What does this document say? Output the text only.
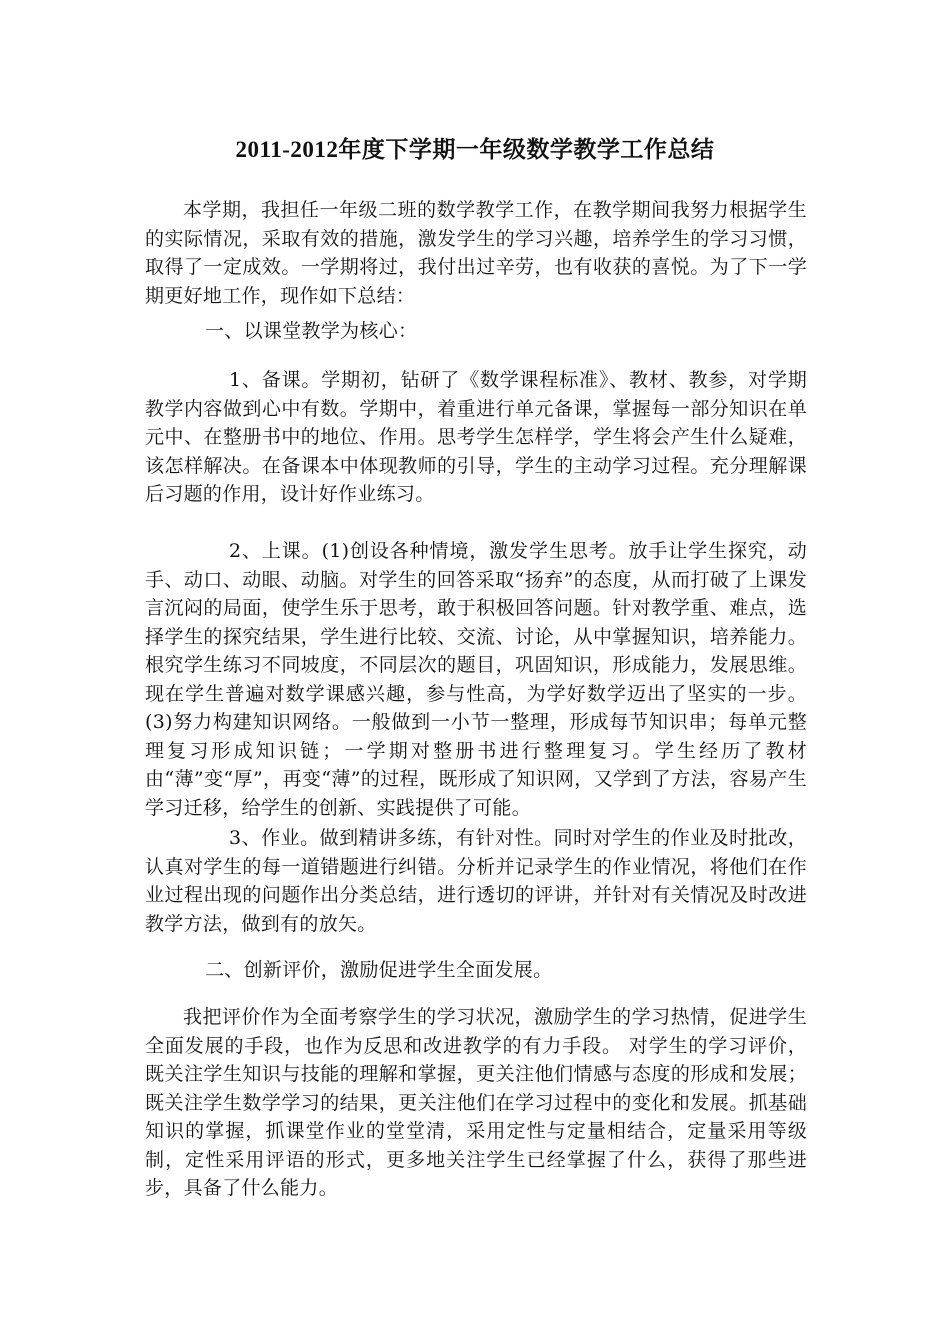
2011-2012年度下学期一年级数学教学工作总结

本学期，我担任一年级二班的数学教学工作，在教学期间我努力根据学生的实际情况，采取有效的措施，激发学生的学习兴趣，培养学生的学习习惯， 取得了一定成效。一学期将过，我付出过辛劳，也有收获的喜悦。为了下一学期更好地工作，现作如下总结：

一、以课堂教学为核心：

1、备课。学期初，钻研了《数学课程标准》、教材、教参，对学期教学内容做到心中有数。学期中，着重进行单元备课，掌握每一部分知识在单元中、在整册书中的地位、作用。思考学生怎样学，学生将会产生什么疑难，该怎样解决。在备课本中体现教师的引导，学生的主动学习过程。充分理解课后习题的作用，设计好作业练习。

2、上课。(1)创设各种情境，激发学生思考。放手让学生探究，动手、动口、动眼、动脑。对学生的回答采取“扬弃”的态度，从而打破了上课发言沉闷的局面，使学生乐于思考，敢于积极回答问题。针对教学重、难点，选择学生的探究结果，学生进行比较、交流、讨论，从中掌握知识，培养能力。根究学生练习不同坡度，不同层次的题目，巩固知识，形成能力，发展思维。现在学生普遍对数学课感兴趣，参与性高，为学好数学迈出了坚实的一步。(3)努力构建知识网络。一般做到一小节一整理，形成每节知识串；每单元整理复习形成知识链；一学期对整册书进行整理复习。学生经历了教材由“薄”变“厚”，再变“薄”的过程，既形成了知识网，又学到了方法，容易产生学习迁移，给学生的创新、实践提供了可能。

3、作业。做到精讲多练，有针对性。同时对学生的作业及时批改，认真对学生的每一道错题进行纠错。分析并记录学生的作业情况，将他们在作业过程出现的问题作出分类总结，进行透切的评讲，并针对有关情况及时改进教学方法，做到有的放矢。

二、创新评价，激励促进学生全面发展。

我把评价作为全面考察学生的学习状况，激励学生的学习热情，促进学生全面发展的手段，也作为反思和改进教学的有力手段。 对学生的学习评价，既关注学生知识与技能的理解和掌握，更关注他们情感与态度的形成和发展；既关注学生数学学习的结果，更关注他们在学习过程中的变化和发展。抓基础知识的掌握，抓课堂作业的堂堂清，采用定性与定量相结合，定量采用等级制，定性采用评语的形式，更多地关注学生已经掌握了什么，获得了那些进步，具备了什么能力。
